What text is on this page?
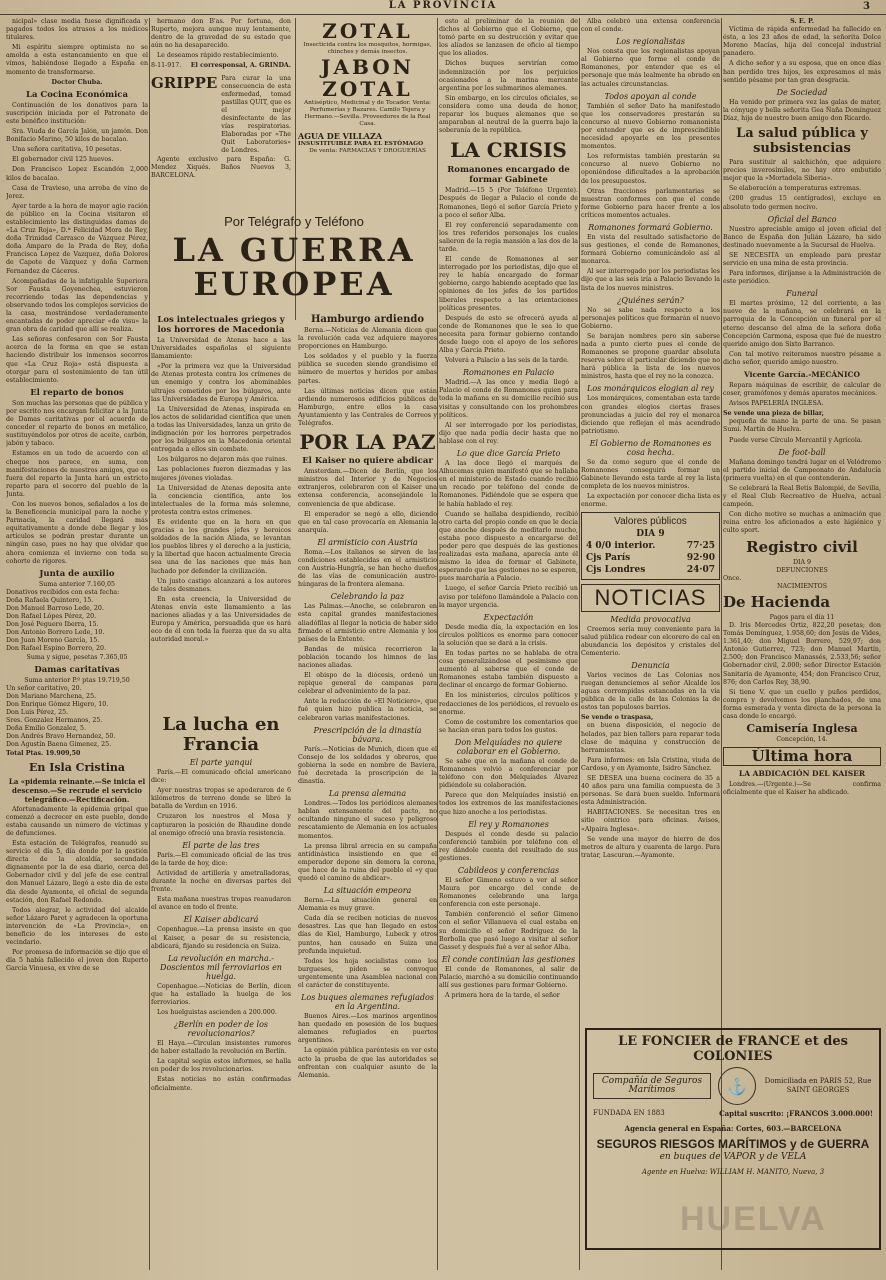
LA PROVINCIA	3

nicipal» clase media fuese dignificada y pagados todos los atrasos a los médicos titulares.

Mi espíritu siempre optimista no se amolda a esta estancamiento en que el vimos, habiéndose llegado a España en momento de transformarse.

Doctor Chuba.
La Cocina Económica

Continuación de los donativos para la suscripción iniciada por el Patronato de este benéfico institución:

Sra. Viuda de García Jalón, un jamón. Don Bonifacio Marino, 50 kilos de bacalao.

Una señora caritativa, 10 pesetas.

El gobernador civil 125 huevos.

Don Francisco Lopez Escandón 2,000 kilos de bacalao.

Casa de Travieso, una arroba de vino de Jerez.

Ayer tarde a la hora de mayor agio ración de público en la Cocina visitaron el establecimiento las distinguidas damas de «La Cruz Roja», D.ª Felicidad Mora de Rey, doña Trinidad Carrasco de Vázquez Pérez, doña Amparo de la Prada de Rey, doña Francisca Lopez de Vazquez, doña Dolores de Capote de Vázquez y doña Carmen Fernandez de Cáceres.

Acompañadas de la infatigable Superiora Sor Fausta Goyenechea, estuvieron recorriendo todas las dependencias y observando todos los complejos servicios de la casa, mostrándose verdaderamente encantadas de poder apreciar «de visu» la gran obra de caridad que allí se realiza.

Las señoras confesaron con Sor Fausta acerca de la forma en que se estan haciendo distribuir los inmensos socorros que «La Cruz Roja» está dispuesta a otorgar para el sostenimiento de tan útil establecimiento.

El reparto de bonos

Son muchas las personas que de pública y por escrito nos encargan felicitar a la Junta de Damas caritativas por el acuerdo de conceder el reparto de bonos en metálico, sustituyéndolos por otros de aceite, carbón, jabón y tabaco.

Estamos en un todo de acuerdo con el cheque nos parece, en suma, con manifestaciones de nuestros amigos, que es fuera del reparto la Junta hará un estricto reparto para el socorro del pueblo de la Junta.

Con los nuevos bonos, señalados a los de la Beneficencia municipal para la noche y Parmacia, la caridad llegará más equitativamente a donde debe llegar y los artículos se podrán prestar durante un ningún caso, pues no hay que olvidar que ahora comienza el invierno con toda su cohorte de rigores.

Junta de auxilio
Suma anterior 7.160,05
Donativos recibidos con esta fecha:
Doña Rafaela Quintero, 15.
Don Manuel Barroso Lede, 20.
Don Rafael Lópes Pérez, 20.
Don José Peguero Iberra, 15.
Don Antonio Borrero Lede, 10.
Don Juan Moreno García, 15.
Don Rafael Espino Borrero, 20.
Suma y sigue, pesetas 7.365,05
Damas caritativas
Suma anterior P.º ptas 19.719,50
Un señor caritativo, 20.
Don Mariano Marchena, 25.
Don Enrique Gómez Higero, 10.
Don Luis Pérez, 25.
Sres. Gonzalez Hermanos, 25.
Doña Emilio Gonzalez, 5.
Don Andrés Bravo Hernandez, 50.
Don Agustín Baena Gimenez, 25.
Total Ptas. 19.909,50
En Isla Cristina
La «pidemia reinante.—Se inicia el descenso.—Se recrude el servicio telegráfico.—Rectificación.

Afortunadamente la epidemia gripal que comenzó a decrecer en este pueblo, donde estaba causando un número de víctimas y de defunciones.

Esta estación de Telégrafos, reanudó su servicio el día 5, día donde por la gestión directa de la alcaldía, secundada dignamente por la de esa diario, cerca del Gobernador civil y del jefe de ese central don Manuel Lázaro, llegó a este dia de este dia desde Ayamonte, el oficial de segunda estación, don Rafael Redondo.

Todos alegrar, le actividad del alcalde señor Lázaro Paret y agradecen la oportuna intervención de «La Provincia», en beneficio de los intereses de este vecindario.

Por promesa de información se dijo que el día 5 había fallecido el joven don Ruperto García Vinuesa, ex vive de se

hermano don B'as. Por fortuna, don Ruperto, mejora aunque muy lentamente, dentro de la gravedad de su estado que aún no ha desaparecido.

Le deseamos rápido restablecimiento.

8-11-917. El corresponsal, A. GRINDA.
GRIPPE Para curar la una consecuencia de esta enfermedad, tomad pastillas QUIT, que es el mejor desinfectante de las vías respiratorias. Elaboradas por «The Quit Laboratories» de Londres.

Agente exclusivo para España: G. Mendez Xiqués. Baños Nuevos 3, BARCELONA.

ZOTAL
Insecticida contra los mosquitos, hormigas, chinches y demás insectos.
JABON ZOTAL
Antiséptico, Medicinal y de Tocador. Venta: Perfumerías y Bazares. Camilo Tejera y Hermano.—Sevilla. Proveedores de la Real Casa.
AGUA DE VILLAZA
INSUSTITUIBLE PARA EL ESTÓMAGO
De venta: FARMACIAS Y DROGUERÍAS
Por Telégrafo y Teléfono
LA GUERRA EUROPEA
Los intelectuales griegos y los horrores de Macedonia

La Universidad de Atenas hace a las Universidades españolas el siguiente llamamiento:

«Por la primera vez que la Universidad de Atenas protesta contra los crímenes de un enemigo y contra los abominables ultrajes cometidos por los búlgaros, ante las Universidades de Europa y América.

La Universidad de Atenas, inspirada en los actos de solidaridad científica que unen a todas las Universidades, lanza un grito de indignación por los horrores perpetrados por los búlgaros en la Macedonia oriental entregada a ellos sin combate.

Los búlgaros no dejaron más que ruinas.

Las poblaciones fueron diezmadas y las mujeres jóvenes violadas.

La Universidad de Atenas deposita ante la conciencia científica, ante los intelectuales de la forma más solemne, protesta contra estos crímenes.

Es evidente que en la hora en que gracias a los grandes jefes y heroicos soldados de la nación Aliada, se levantan los pueblos libres y el derecho a la justicia, y la libertad que hacen actualmente Grecia sea una de las naciones que más han luchado por defender la civilización.

Un justo castigo alcanzará a los autores de tales desmanes.

En esta creencia, la Universidad de Atenas envía este llamamiento a las naciones aliadas y a las Universidades de Europa y América, persuadida que es hará eco de él con toda la fuerza que da su alta autoridad moral.»

La lucha en Francia
El parte yanqui

París.—El comunicado oficial americano dice:

Ayer nuestras tropas se apoderaron de 6 kilómetros de terreno donde se libró la batalla de Verdun en 1916.

Cruzaron los nuestros el Mosa y capturaron la posición de Rhaudine donde al enemigo ofreció una bravía resistencia.

El parte de las tres

París.—El comunicado oficial de las tres de la tarde de hoy, dice:

Actividad de artillería y ametralladoras, durante la noche en diversas partes del frente.

Esta mañana nuestras tropas reanudaron el avance en todo el frente.

El Kaiser abdicará

Copenhague.—La prensa insiste en que el Kaiser, a pesar de su resistencia, abdicará, fijando su residencia en Suiza.

La revolución en marcha.-Doscientos mil ferroviarios en huelga.

Copenhague.—Noticias de Berlín, dicen que ha estallado la huelga de los ferroviarios.

Los huelguistas ascienden a 200.000.

¿Berlín en poder de los revolucionarios?

El Haya.—Circulan insistentes rumores de haber estallado la revolución en Berlín.

La capital según estos informes, se halla en poder de los revolucionarios.

Estas noticias no están confirmadas oficialmente.

Hamburgo ardiendo

Berna.—Noticias de Alemania dicen que la revolución cada vez adquiere mayores proporciones en Hamburgo.

Los soldados y el pueblo y la fuerza pública se suceden siendo grandísimo el número de muertos y heridos por ambas partes.

Las últimas noticias dicen que están ardiendo numerosos edificios públicos de Hamburgo, entre ellos la casa Ayuntamiento y las Centrales de Correos y Telégrafos.

POR LA PAZ
El Kaiser no quiere abdicar

Amsterdam.—Dicen de Berlín, que los ministros del Interior y de Negocios extranjeros, celebraron con el Kaiser una extensa conferencia, aconsejándole la conveniencia de que abdicase.

El emperador se negó a ello, diciendo que en tal caso provocaría en Alemania la anarquía.

El armisticio con Austria

Roma.—Los italianos se sirven de las condiciones establecidas en el armisticio con Austria-Hungría, se han hecho dueños de las vías de comunicación austro-húngaras de la frontera alemana.

Celebrando la paz

Las Palmas.—Anoche, se celebraron en esta capital grandes manifestaciones aliadófilas al llegar la noticia de haber sido firmado el armisticio entre Alemania y los países de la Entente.

Bandas de música recorrieron la población tocando los himnos de las naciones aliadas.

El obispo de la diócesis, ordenó un repique general de campanas para celebrar el advenimiento de la paz.

Ante la redacción de «El Noticiero», que fué quien hizo publica la noticia, se celebraron varias manifestaciones.

Prescripción de la dinastía bávara.

París.—Noticias de Munich, dicen que el Consejo de los soldados y obreros, que gobierna la sede en nombre de Baviera, fué decretada la proscripción de la dinastía.

La prensa alemana

Londres.—Todos los periódicos alemanes hablan extensamente del pacto, no ocultando ninguno el suceso y peligroso rescatamiento de Alemania en los actuales momentos.

La prensa libral arrecia en su campaña antidinástica insistiendo en que el emperador depone sin demora la corona, que hace de la ruina del pueblo el «y que quedó el camino de abdicar».

La situación empeora

Berna.—La situación general en Alemania es muy grave.

Cada día se reciben noticias de nuevos desastres. Las que han llegado en estos días de Kiel, Hamburgo, Lubeck y otros puntos, han causado en Suiza una profunda inquietud.

Todos los hoja socialistas como los burgueses, piden se convoque urgentemente una Asamblea nacional con el carácter de constituyente.

Los buques alemanes refugiados en la Argentina.

Buenos Aires.—Los marinos argentinos han quedado en posesión de los buques alemanes refugiados en puertos argentinos.

La opinión pública paréntesis en ver este acto la prueba de que las autoridades se enfrentan con cualquier asunto de la Alemania.

esto al preliminar de la reunión de dichos al Gobierno que el Gobierno, que tomó parte en su destrucción y evitar que los aliados se lanzasen de oficio al tiempo que los aliados.

Dichos buques servirían como indemnización por los perjuicios ocasionados a la marina mercante argentina por los submarinos alemanes.

Sin embargo, en los círculos oficiales, se considera como una deuda de honor, reparar los buques alemanes que se amparaban al neutral de la guerra bajo la soberanía de la república.

LA CRISIS
Romanones encargado de formar Gabinete

Madrid.—15 5 (Por Teléfono Urgente). Después de llegar a Palacio el conde de Romanones, llegó el señor García Prieto y a poco el señor Alba.

El rey conferenció separadamente con los tres referidos personajes los cuales salieron de la regia mansión a las dos de la tarde.

El conde de Romanones al ser interrogado por los periodistas, dijo que el rey le había encargado de formar gobierno, cargo habiendo aceptado que las opiniones de los jefes de los partidos liberales respecto a las orientaciones políticas presentes.

Después de esto se ofrecerá ayuda al conde de Romanones que le sea lo que necesita para formar gobierno contando desde luego con el apoyo de los señores Alba y García Prieto.

Volverá a Palacio a las seis de la tarde.

Romanones en Palacio

Madrid.—A las once y media llegó a Palacio el conde de Romanones quien para toda la mañana en su domicilio recibió sus visitas y consultando con los prohombres políticos.

Al ser interrogado por los periodistas, dijo que nada podía decir hasta que no hablase con el rey.

Lo que dice García Prieto

A las doce llegó el marqués de Alhucemas quien manifestó que se hallaba en el ministerio de Estado cuando recibió un recado por teléfono del conde de Romanones. Pidiéndole que se espera que le había hablado el rey.

Cuando se hallaba despidiendo, recibió otro carta del propio conde en que le decía que anoche después de meditarlo mucho, estaba poco dispuesto a encargarse del poder pero que después de las gestiones realizadas esta mañana, aparecía ante él mismo la idea de formar el Gabinete, esperando que las gestiones no se esperen, pues marcharía a Palacio.

Luego, el señor García Prieto recibió un aviso por teléfono llamándole a Palacio con la mayor urgencia.

Expectación

Desde media día, la expectación en los círculos políticos es enorme para conocer la solución que se dará a la crisis.

En todas partes no se hablaba de otra cosa generalizándose el pesimismo que aumentó al saberse que el conde de Romanones estaba también dispuesto a declinar el encargo de formar Gobierno.

En los ministerios, círculos políticos y redacciones de los periódicos, el revuelo es enorme.

Como de costumbre los comentarios que se hacían eran para todos los gustos.

Don Melquíades no quiere colaborar en el Gobierno.

Se sabe que en la mañana el conde de Romanones volvió a conferenciar por teléfono con don Melquíades Álvarez pidiéndole su colaboración.

Parece que don Melquíades insistió en todos los extremos de las manifestaciones que hizo anoche a los periodistas.

El rey y Romanones

Después el conde desde su palacio conferenció también por teléfono con el rey dándole cuenta del resultado de sus gestiones.

Cabildeos y conferencias

El señor Gimeno estuvo a ver al señor Maura por encargo del conde de Romanones celebrando una larga conferencia con este personaje.

También conferenció el señor Gimeno con el señor Villanueva el cual estaba en su domicilio el señor Rodríguez de la Borbolla que pasó luego a visitar al señor Gasset y después fué a ver al señor Alba.

El conde continúan las gestiones

El conde de Romanones, al salir de Palacio, marchó a su domicilio continuando allí sus gestiones para formar Gobierno.

A primera hora de la tarde, el señor

Alba celebró una extensa conferencia con el conde.

Los regionalistas

Nos consta que los regionalistas apoyan al Gobierno que forme el conde de Romanones, por entender que es el personaje que más lealmente ha obrado en las actuales circunstancias.

Todos apoyan al conde

También el señor Dato ha manifestado que los conservadores prestarán su concurso al nuevo Gobierno romanonista por entender que es de imprescindible necesidad apoyarle en los presentes momentos.

Los reformistas también prestarán su concurso al nuevo Gobierno no oponiéndose dificultades a la aprobación de los presupuestos.

Otras fracciones parlamentarias se muestran conformes con que el conde forme Gobierno para hacer frente a los críticos momentos actuales.

Romanones formará Gobierno.

En vista del resultado satisfactorio de sus gestiones, el conde de Romanones, formará Gobierno comunicándolo así al monarca.

Al ser interrogado por los periodistas les dijo que a las seis iría a Palacio llevando la lista de los nuevos ministros.

¿Quiénes serán?

No se sabe nada respecto a los personajes políticos que formarán el nuevo Gobierno.

Se barajan nombres pero sin saberse nada a punto cierto pues el conde de Romanones se propone guardar absoluta reserva sobre el particular diciendo que no hará pública la lista de los nuevos ministros, hasta que el rey no la conozca.

Los monárquicos elogian al rey

Los monárquicos, comentaban esta tarde con grandes elogios ciertas frases pronunciadas a juicio del rey el monarca diciendo que reflejan el más acendrado patriotismo.

El Gobierno de Romanones es cosa hecha.

Se da como seguro que el conde de Romanones conseguirá formar un Gabinete llevando esta tarde al rey la lista completa de los nuevos ministros.

La expectación por conocer dicha lista es enorme.

Valores públicos
DIA 9
4 0/0 interior.	77·25
Cjs París	92·90
Cjs Londres	24·07
NOTICIAS
Medida provocativa

Creemos sería muy conveniente para la salud pública rodear con elcorero de cal en abundancia los depósitos y cristales del Cementerio.

Denuncia

Varios vecinos de Las Colonias nos ruegan denunciemos al señor Alcalde los aguas corrompidas estancadas en la vía pública de la calle de las Colonias la de estos tan populosos barrios.

Se vende o traspasa,

en buena disposición, el negocio de helados, paz bien tallers para reparar toda clase de máquina y construcción de herramientas.

Para informes: en Isla Cristina, viuda de Cardoso, y en Ayamonte, Isidro Sánchez.

SE DESEA una buena cocinera de 35 a 40 años para una familia compuesta de 3 personas. Se dará buen sueldo. Informará esta Administración.

HABITACIONES. Se necesitan tres en sitio céntrico para oficinas. Avisos, «Alpaira Inglesa».

Se vende una mayor de hierro de dos metros de altura y cuarenta de largo. Para tratar, Lascuran.—Ayamonte.

S. E. P.

Víctima de rápida enfermedad ha fallecido en ésta, a los 23 años de edad, la señorita Dolce Moreno Macías, hija del concejal industrial panadero.

A dicho señor y a su esposa, que en once días han perdido tres hijos, les expresamos el más sentido pésame por tan gran desgracia.

De Sociedad

Ha venido por primera vez las galas de mater, la cónyuge y bella señorita Gea Ñaña Domínguez Díaz, hija de nuestro buen amigo don Ricardo.

La salud pública y subsistencias

Para sustituir al salchichón, que adquiere precios inverosímiles, no hay otro embutido mejor que la «Mortadela Siberia».

Se elaboración a temperaturas extremas.

(200 gradus 15 centígrados), excluye en absoluto todo germen nocivo.

Oficial del Banco

Nuestro apreciable amigo el joven oficial del Banco de España don Julián Lázaro, ha sido destinado nuevamente a la Sucursal de Huelva.

SE NECESITA un empleado para prestar servicio en una mina de esta provincia.

Para informes, diríjanse a la Administración de este periódico.

Funeral

El martes próximo, 12 del corriente, a las nueve de la mañana, se celebrará en la parroquia de la Concepción un funeral por el eterno descanso del alma de la señora doña Concepción Carmona, esposa que fué de nuestro querido amigo don Sixto Barranco.

Con tal motivo reiteramos nuestro pésame a dicho señor, querido amigo nuestro.

Vicente García.-MECÁNICO

Repara máquinas de escribir, de calcular de coser, gramófonos y demás aparatos mecánicos.

Avisos PAPELERÍA INGLESA.

Se vende una pieza de billar,

pequeña de mano la parte de una. Se pasan Sumi. Martín de Huelva.

Puede verse Círculo Mercantil y Agrícola.

De foot-ball

Mañana domingo tendrá lugar en el Velódromo el partido inicial de Campeonato de Andalucía (primera vuelta) en el que contenderán.

Se celebrará la Real Betis Balompié, de Sevilla, y el Real Club Recreativo de Huelva, actual campeón.

Con dicho motivo se muchas a animación que reina entre los aficionados a este higiénico y culto sport.

Registro civil
DIA 9
DEFUNCIONES
Once.
NACIMIENTOS
De Hacienda
Pagos para el día 11

D. Iris Mercedes Ortiz, 822,20 pesetas; don Tomás Domínguez, 1.958,60; don Jesús de Vides, 1.361,40; don Miguel Borrero, 529,97; don Antonio Gutierrez, 723; don Manuel Martín, 2.500; don Francisco Manassés, 2.533,56; señor Gobernador civil, 2.000; señor Director Estación Sanitaria de Ayamonte, 454; don Francisco Cruz, 876; don Carlos Rey, 38,90.

Si tiene V. que un cuello y puños perdidos, compra y devolvemos los planchados, de una forma esmerada y venta directa de la persona la casa donde lo encargó.

Camisería Inglesa
Concepción, 14.
Última hora
LA ABDICACIÓN DEL KAISER

Londres.—(Urgente.)—Se confirma oficialmente que el Kaiser ha abdicado.

LE FONCIER de FRANCE et des COLONIES
Compañía de Seguros Marítimos	⚓	Domiciliada en PARIS 52, Rue SAINT GEORGES
FUNDADA EN 1883	Capital suscrito: ¡FRANCOS 3.000.000!
Agencia general en España: Cortes, 603.—BARCELONA
SEGUROS RIESGOS MARÍTIMOS y de GUERRA
en buques de VAPOR y de VELA
Agente en Huelva: WILLIAM H. MANITO, Nueva, 3
HUELVA
